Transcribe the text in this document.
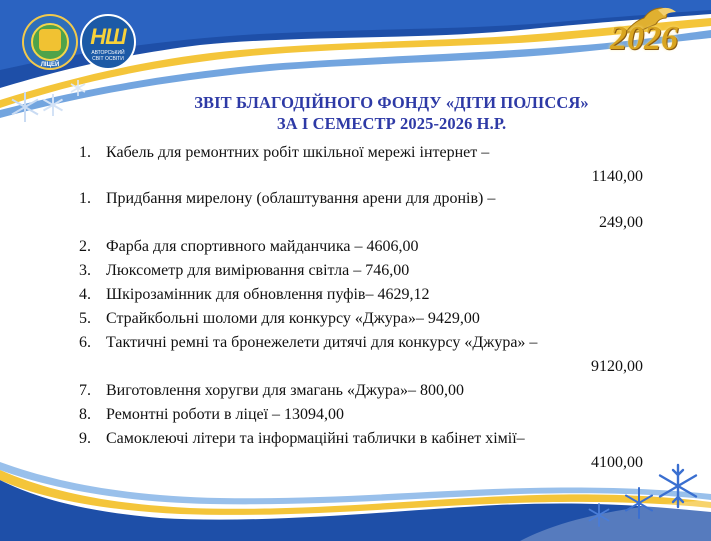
ЛІЦЕЙ
НШ
АВТОРСЬКИЙ СВІТ ОСВІТИ
2026
ЗВІТ БЛАГОДІЙНОГО ФОНДУ «ДІТИ ПОЛІССЯ»
ЗА І СЕМЕСТР 2025-2026 Н.Р.
1. Кабель для ремонтних робіт шкільної мережі інтернет –
1140,00
1. Придбання мирелону (облаштування арени для дронів) –
249,00
2. Фарба для спортивного майданчика – 4606,00
3. Люксометр для вимірювання світла – 746,00
4. Шкірозамінник для обновлення пуфів– 4629,12
5. Страйкбольні шоломи для конкурсу «Джура»– 9429,00
6. Тактичні ремні та бронежелети дитячі для конкурсу «Джура» –
9120,00
7. Виготовлення хоругви для змагань «Джура»– 800,00
8. Ремонтні роботи в ліцеї – 13094,00
9. Самоклеючі літери та інформаційні таблички в кабінет хімії–
4100,00
